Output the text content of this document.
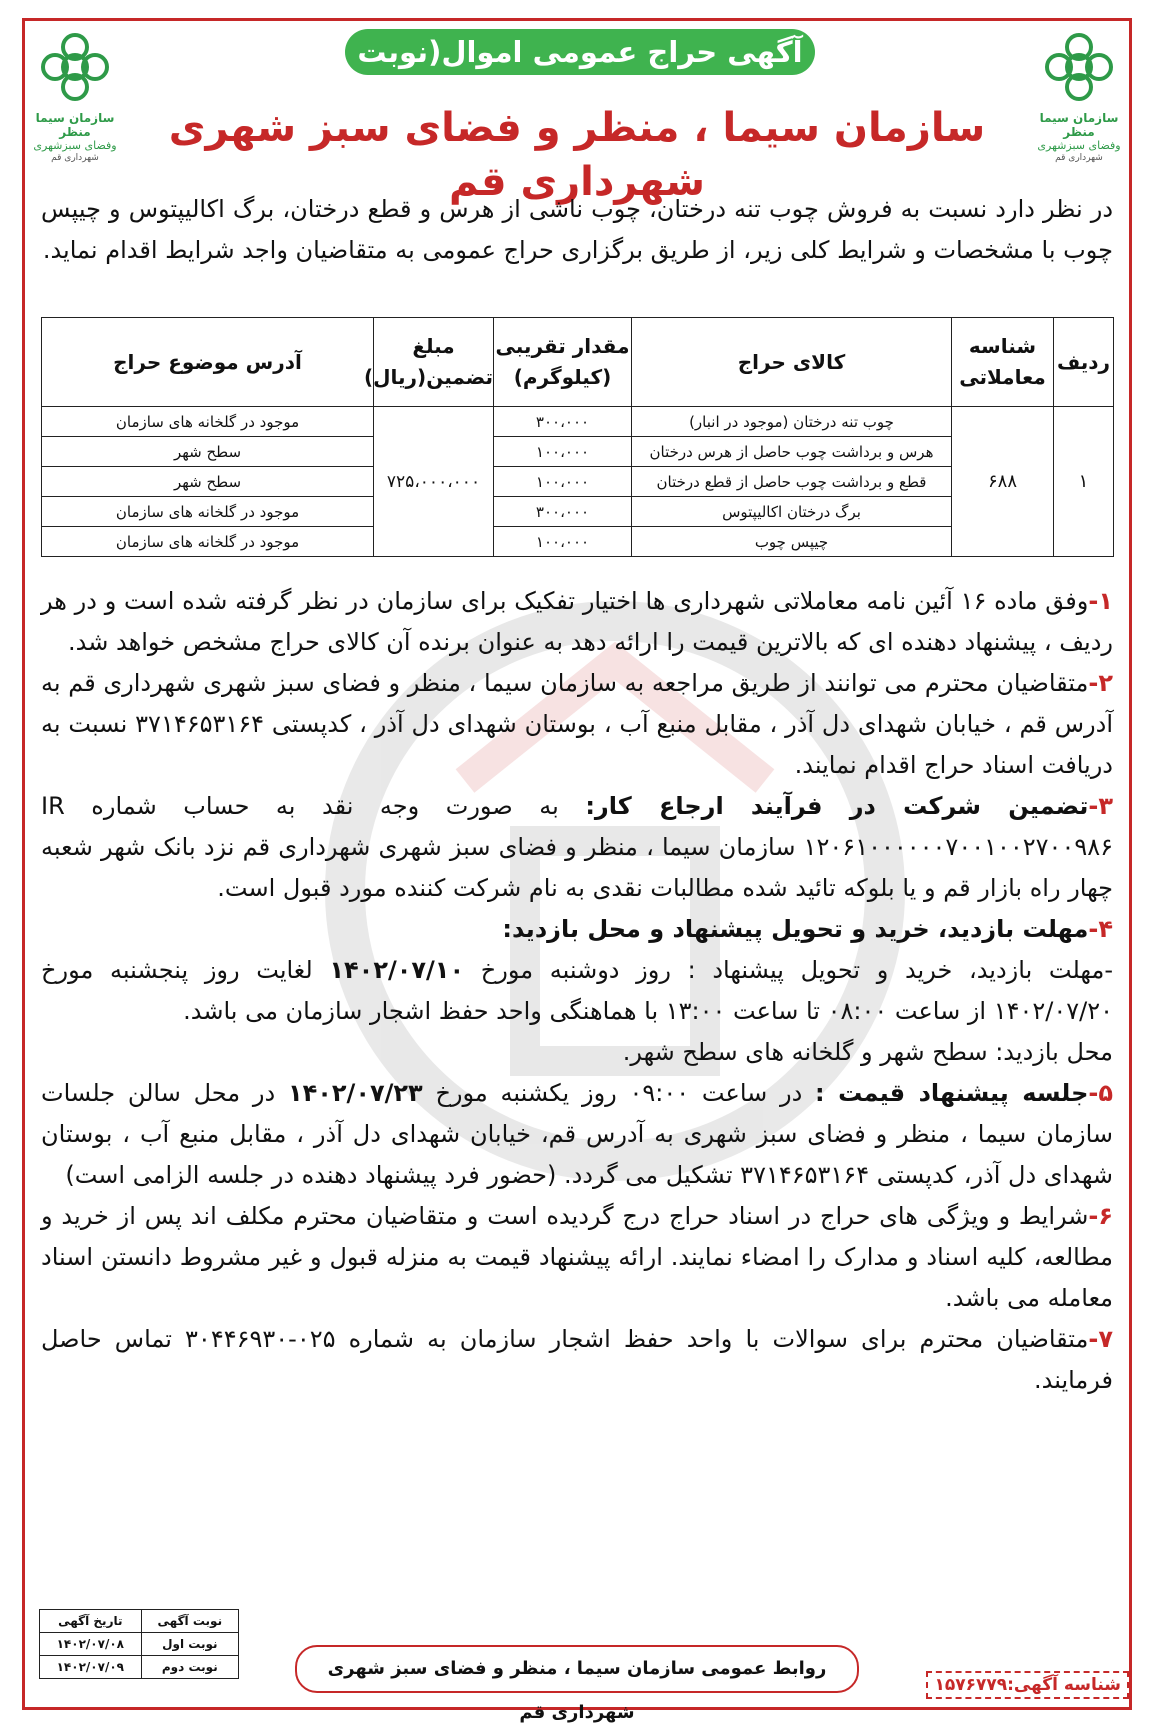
سازمان سیما منظر
وفضای سبزشهری
شهرداری قم
سازمان سیما منظر
وفضای سبزشهری
شهرداری قم
آگهی حراج عمومی اموال(نوبت اول)
سازمان سیما ، منظر و فضای سبز شهری شهرداری قم
در نظر دارد نسبت به فروش چوب تنه درختان، چوب ناشی از هرس و قطع درختان، برگ اکالیپتوس و چیپس چوب با مشخصات و شرایط کلی زیر، از طریق برگزاری حراج عمومی به متقاضیان واجد شرایط اقدام نماید.
ردیف	شناسه معاملاتی	کالای حراج	مقدار تقریبی (کیلوگرم)	مبلغ تضمین(ریال)	آدرس موضوع حراج
۱	۶۸۸	چوب تنه درختان (موجود در انبار)	۳۰۰،۰۰۰	۷۲۵،۰۰۰،۰۰۰	موجود در گلخانه های سازمان
		هرس و برداشت چوب حاصل از هرس درختان	۱۰۰،۰۰۰		سطح شهر
		قطع و برداشت چوب حاصل از قطع درختان	۱۰۰،۰۰۰		سطح شهر
		برگ درختان اکالیپتوس	۳۰۰،۰۰۰		موجود در گلخانه های سازمان
		چیپس چوب	۱۰۰،۰۰۰		موجود در گلخانه های سازمان

۱-وفق ماده ۱۶ آئین نامه معاملاتی شهرداری ها اختیار تفکیک برای سازمان در نظر گرفته شده است و در هر ردیف ، پیشنهاد دهنده ای که بالاترین قیمت را ارائه دهد به عنوان برنده آن کالای حراج مشخص خواهد شد.

۲-متقاضیان محترم می توانند از طریق مراجعه به سازمان سیما ، منظر و فضای سبز شهری شهرداری قم به آدرس قم ، خیابان شهدای دل آذر ، مقابل منبع آب ، بوستان شهدای دل آذر ، کدپستی ۳۷۱۴۶۵۳۱۶۴ نسبت به دریافت اسناد حراج اقدام نمایند.

۳-تضمین شرکت در فرآیند ارجاع کار: به صورت وجه نقد به حساب شماره IR ۱۲۰۶۱۰۰۰۰۰۰۷۰۰۱۰۰۲۷۰۰۹۸۶ سازمان سیما ، منظر و فضای سبز شهری شهرداری قم نزد بانک شهر شعبه چهار راه بازار قم و یا بلوکه تائید شده مطالبات نقدی به نام شرکت کننده مورد قبول است.

۴-مهلت بازدید، خرید و تحویل پیشنهاد و محل بازدید:

-مهلت بازدید، خرید و تحویل پیشنهاد : روز دوشنبه مورخ ۱۴۰۲/۰۷/۱۰ لغایت روز پنجشنبه مورخ ۱۴۰۲/۰۷/۲۰ از ساعت ۰۸:۰۰ تا ساعت ۱۳:۰۰ با هماهنگی واحد حفظ اشجار سازمان می باشد.

محل بازدید: سطح شهر و گلخانه های سطح شهر.

۵-جلسه پیشنهاد قیمت : در ساعت ۰۹:۰۰ روز یکشنبه مورخ ۱۴۰۲/۰۷/۲۳ در محل سالن جلسات سازمان سیما ، منظر و فضای سبز شهری به آدرس قم، خیابان شهدای دل آذر ، مقابل منبع آب ، بوستان شهدای دل آذر، کدپستی ۳۷۱۴۶۵۳۱۶۴ تشکیل می گردد. (حضور فرد پیشنهاد دهنده در جلسه الزامی است)

۶-شرایط و ویژگی های حراج در اسناد حراج درج گردیده است و متقاضیان محترم مکلف اند پس از خرید و مطالعه، کلیه اسناد و مدارک را امضاء نمایند. ارائه پیشنهاد قیمت به منزله قبول و غیر مشروط دانستن اسناد معامله می باشد.

۷-متقاضیان محترم برای سوالات با واحد حفظ اشجار سازمان به شماره ۰۲۵-۳۰۴۴۶۹۳۰ تماس حاصل فرمایند.

نوبت آگهی	تاریخ آگهی
نوبت اول	۱۴۰۲/۰۷/۰۸
نوبت دوم	۱۴۰۲/۰۷/۰۹	روابط عمومی سازمان سیما ، منظر و فضای سبز شهری شهرداری قم
شناسه آگهی:۱۵۷۶۷۷۹
